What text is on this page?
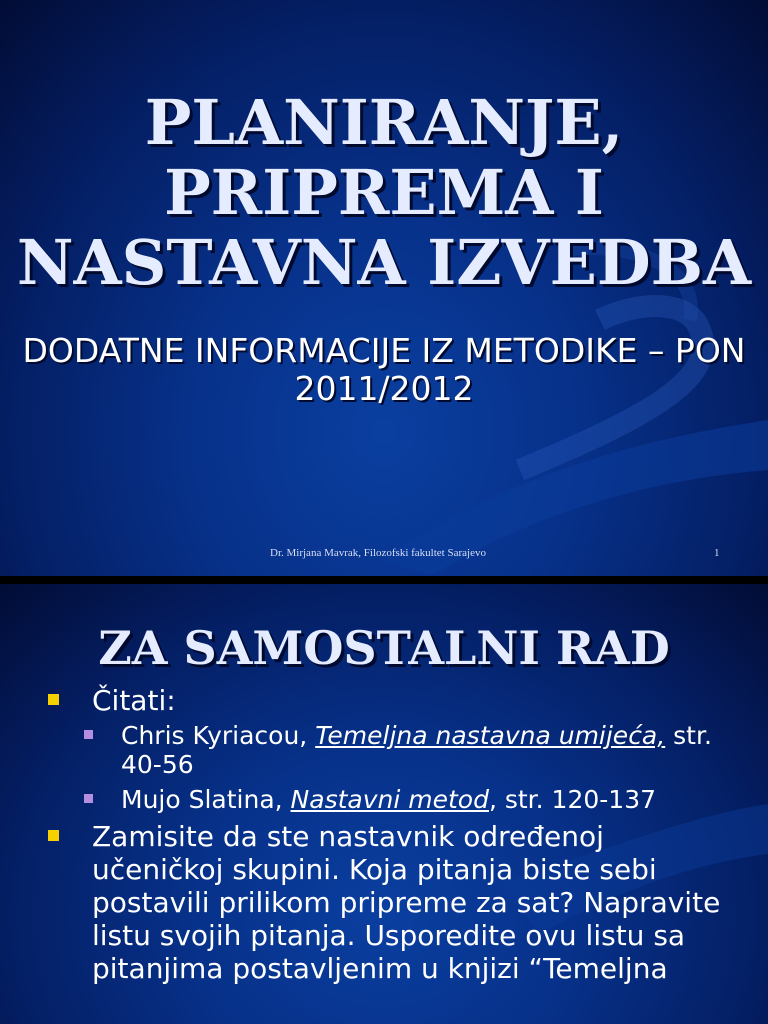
PLANIRANJE, PRIPREMA I NASTAVNA IZVEDBA
DODATNE INFORMACIJE IZ METODIKE – PON 2011/2012
Dr. Mirjana Mavrak, Filozofski fakultet Sarajevo	1
ZA SAMOSTALNI RAD
Čitati:
Chris Kyriacou, Temeljna nastavna umijeća, str. 40-56
Mujo Slatina, Nastavni metod, str. 120-137
Zamisite da ste nastavnik određenoj učeničkoj skupini. Koja pitanja biste sebi postavili prilikom pripreme za sat? Napravite listu svojih pitanja. Usporedite ovu listu sa pitanjima postavljenim u knjizi “Temeljna
